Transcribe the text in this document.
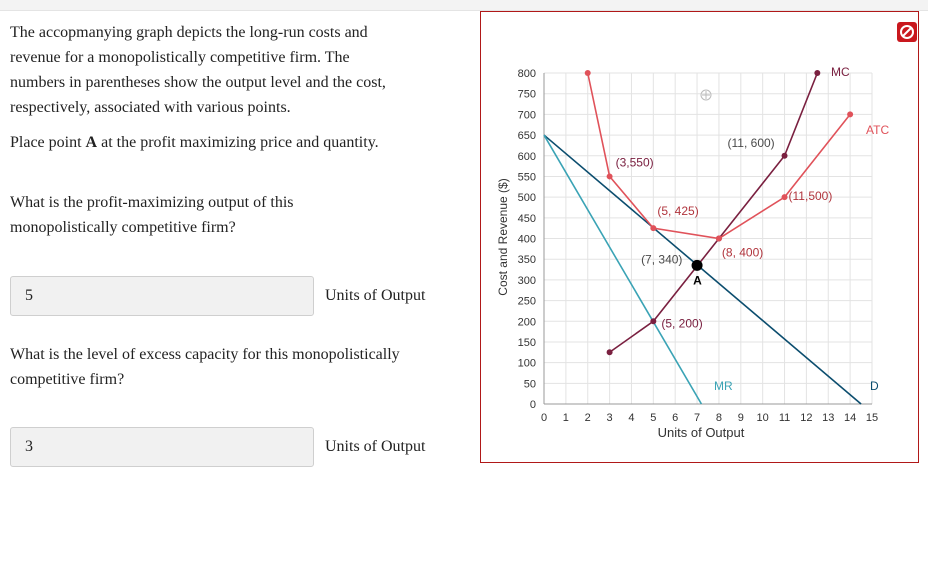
The accopmanying graph depicts the long-run costs and
revenue for a monopolistically competitive firm. The
numbers in parentheses show the output level and the cost,
respectively, associated with various points.
Place point A at the profit maximizing price and quantity.
What is the profit-maximizing output of this
monopolistically competitive firm?
5	Units of Output
What is the level of excess capacity for this monopolistically
competitive firm?
3	Units of Output
0
50
100
150
200
250
300
350
400
450
500
550
600
650
700
750
800
0 1 2 3 4 5 6 7 8 9 10 11 12 13 14 15
(3,550)
(5, 425)
(8, 400)
(11, 600)
(11,500)
(7, 340)
(5, 200)
MC
ATC
MR	D
A
Cost and Revenue ($)
Units of Output
